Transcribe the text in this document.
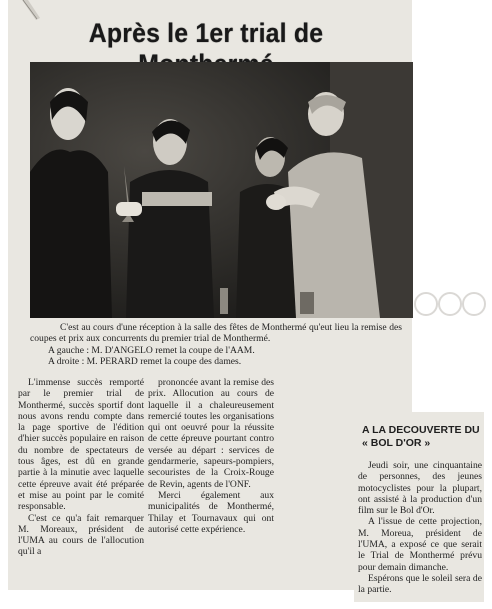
Après le 1er trial de

C'est au cours d'une réception à la salle des fêtes de Monthermé qu'eut lieu la remise des coupes et prix aux concurrents du premier trial de Monthermé.

A gauche : M. D'ANGELO remet la coupe de l'AAM.

A droite : M. PERARD remet la coupe des dames.

L'immense succès remporté par le premier trial de Monthermé, succès sportif dont nous avons rendu compte dans la page sportive de l'édition d'hier succès populaire en raison du nombre de spectateurs de tous âges, est dû en grande partie à la minutie avec laquelle cette épreuve avait été préparée et mise au point par le comité responsable.

C'est ce qu'a fait remarquer M. Moreaux, président de l'UMA au cours de l'allocution qu'il a

prononcée avant la remise des prix. Allocution au cours de laquelle il a chaleureusement remercié toutes les organisations qui ont oeuvré pour la réussite de cette épreuve pourtant contro versée au départ : services de gendarmerie, sapeurs-pompiers, secouristes de la Croix-Rouge de Revin, agents de l'ONF.

Merci également aux municipalités de Monthermé, Thilay et Tournavaux qui ont autorisé cette expérience.

A LA DECOUVERTE DU « BOL D'OR »

Jeudi soir, une cinquantaine de personnes, des jeunes motocyclistes pour la plupart, ont assisté à la production d'un film sur le Bol d'Or.

A l'issue de cette projection, M. Moreua, président de l'UMA, a exposé ce que serait le Trial de Monthermé prévu pour demain dimanche.

Espérons que le soleil sera de la partie.
